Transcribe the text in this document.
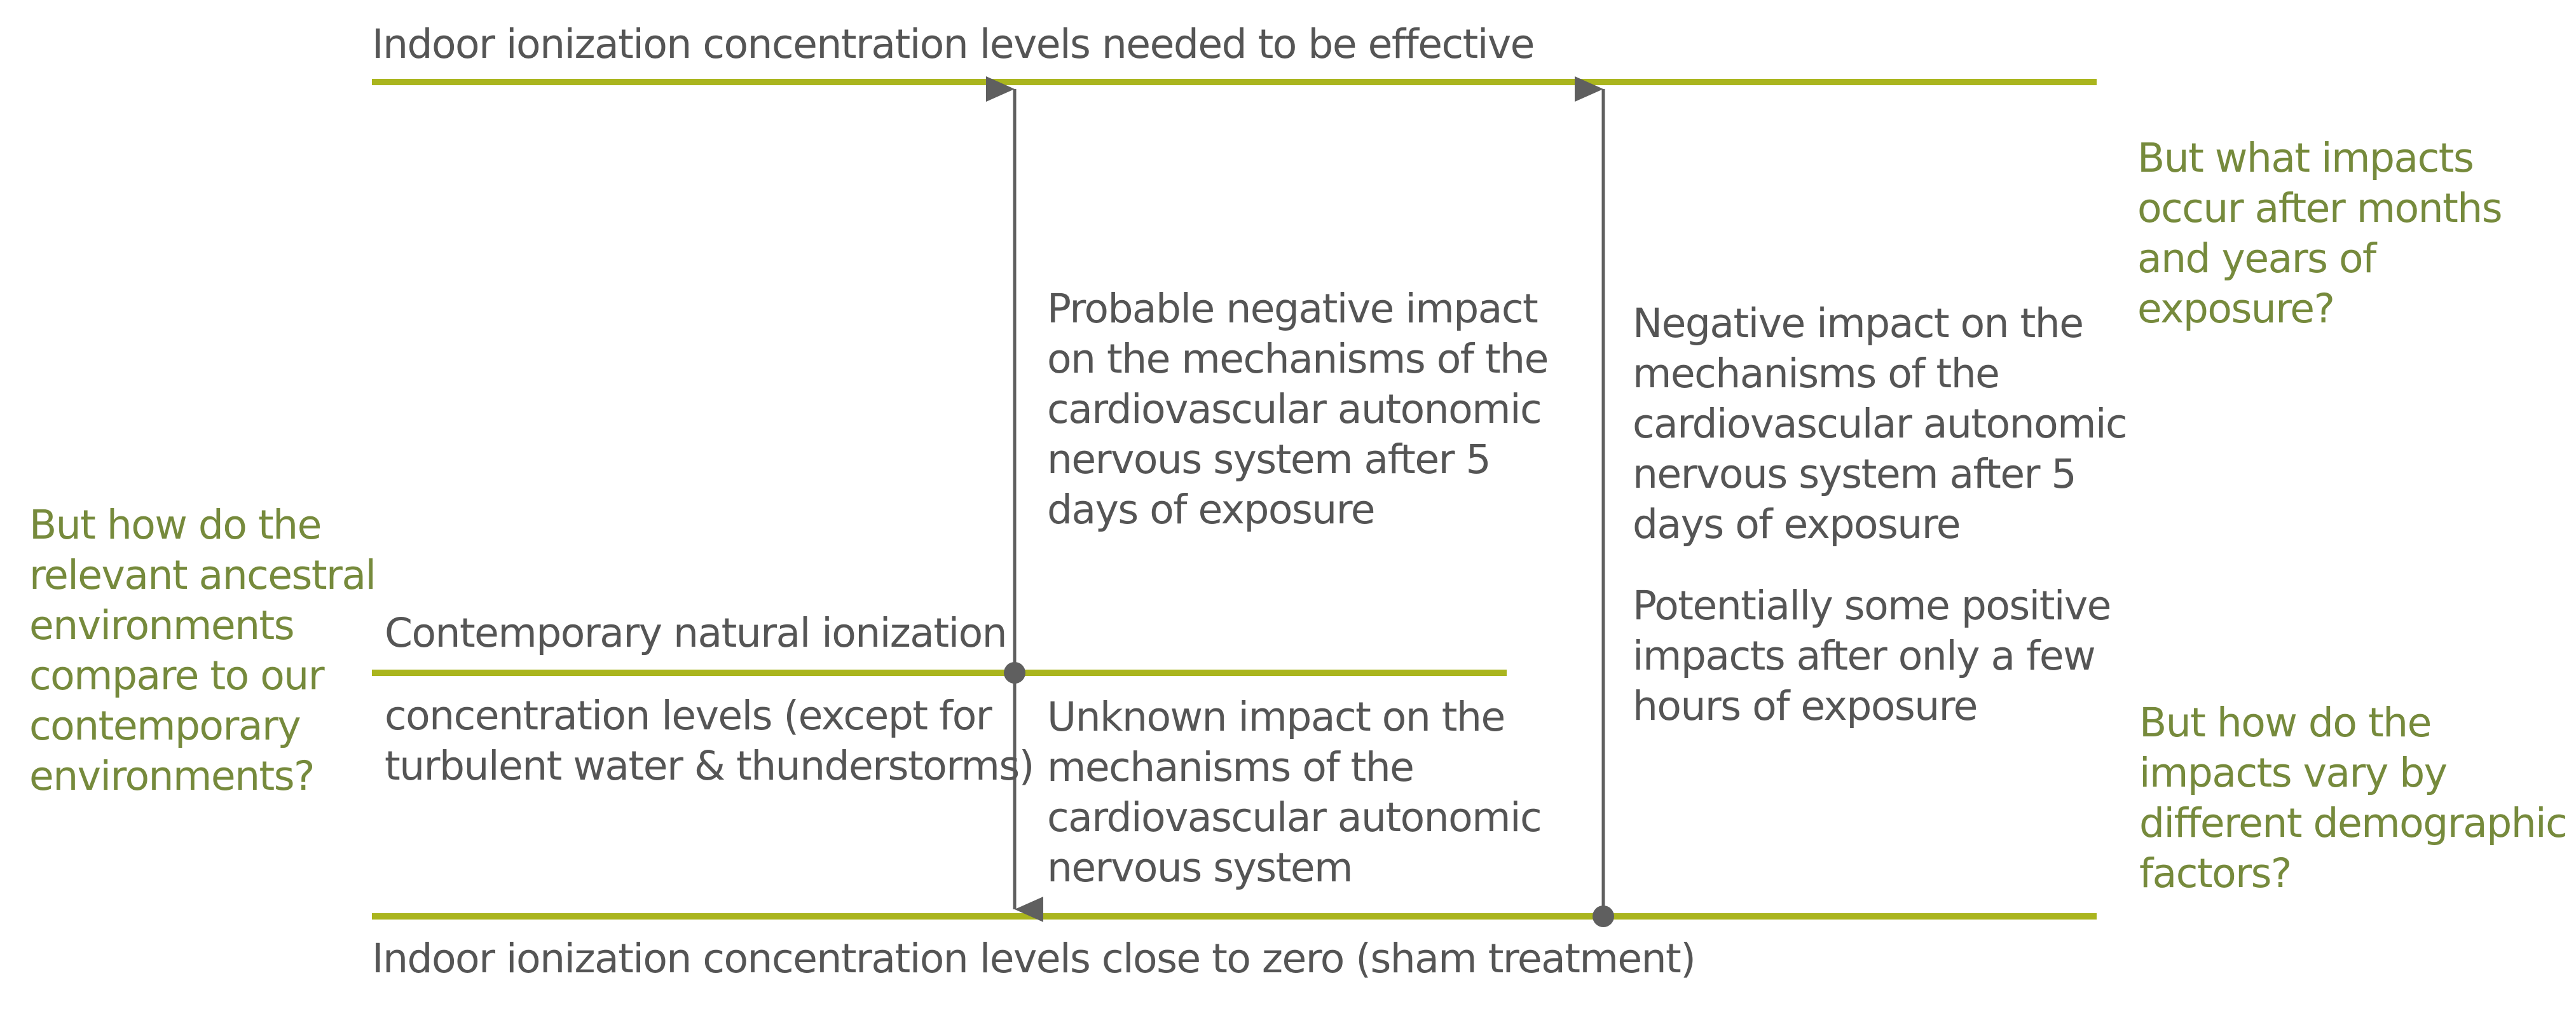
Indoor ionization concentration levels needed to be effective

Indoor ionization concentration levels close to zero (sham treatment)

Contemporary natural ionization

concentration levels (except for
turbulent water & thunderstorms)
Probable negative impact
on the mechanisms of the
cardiovascular autonomic
nervous system after 5
days of exposure
Unknown impact on the
mechanisms of the
cardiovascular autonomic
nervous system
Negative impact on the
mechanisms of the
cardiovascular autonomic
nervous system after 5
days of exposure
Potentially some positive
impacts after only a few
hours of exposure
But how do the
relevant ancestral
environments
compare to our
contemporary
environments?
But what impacts
occur after months
and years of
exposure?
But how do the
impacts vary by
different demographic
factors?
